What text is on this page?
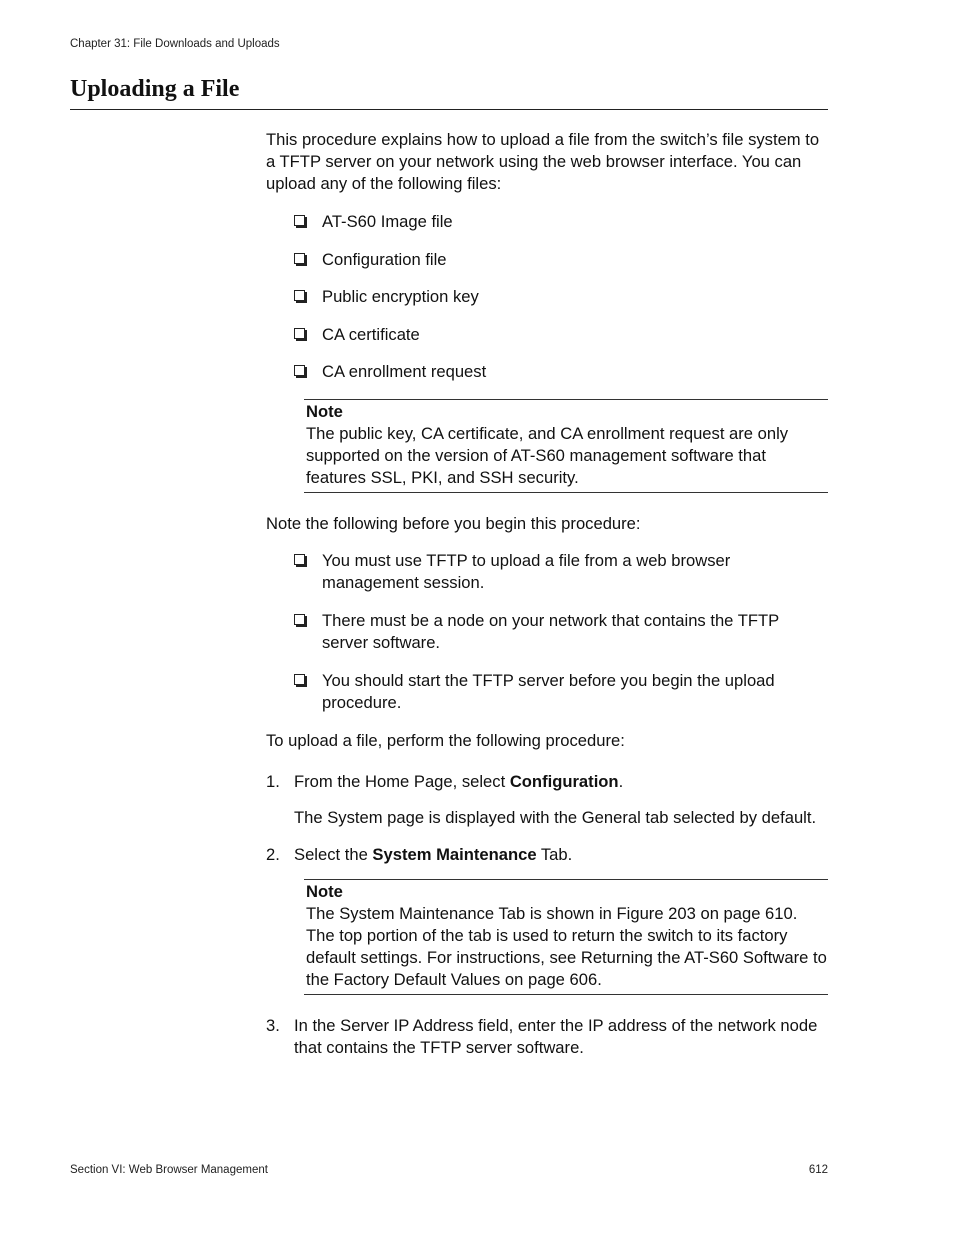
Chapter 31: File Downloads and Uploads
Uploading a File

This procedure explains how to upload a file from the switch’s file system to a TFTP server on your network using the web browser interface. You can upload any of the following files:

AT-S60 Image file
Configuration file
Public encryption key
CA certificate
CA enrollment request
Note
The public key, CA certificate, and CA enrollment request are only supported on the version of AT-S60 management software that features SSL, PKI, and SSH security.

Note the following before you begin this procedure:

You must use TFTP to upload a file from a web browser management session.
There must be a node on your network that contains the TFTP server software.
You should start the TFTP server before you begin the upload procedure.

To upload a file, perform the following procedure:

1. From the Home Page, select Configuration.

The System page is displayed with the General tab selected by default.

2. Select the System Maintenance Tab.

Note
The System Maintenance Tab is shown in Figure 203 on page 610. The top portion of the tab is used to return the switch to its factory default settings. For instructions, see Returning the AT-S60 Software to the Factory Default Values on page 606.
3. In the Server IP Address field, enter the IP address of the network node that contains the TFTP server software.

Section VI: Web Browser Management	612
